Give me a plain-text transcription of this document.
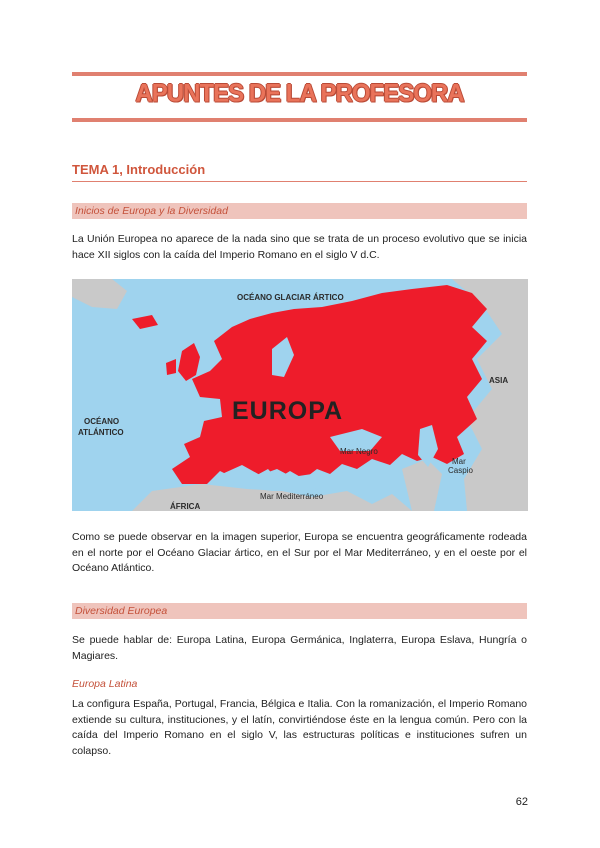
APUNTES DE LA PROFESORA
TEMA 1, Introducción
Inicios de Europa y la Diversidad
La Unión Europea no aparece de la nada sino que se trata de un proceso evolutivo que se inicia hace XII siglos con la caída del Imperio Romano en el siglo V d.C.
OCÉANO GLACIAR ÁRTICO
OCÉANO
ATLÁNTICO
ASIA
ÁFRICA
Mar Negro
Mar
Caspio
Mar Mediterráneo
EUROPA
Como se puede observar en la imagen superior, Europa se encuentra geográficamente rodeada en el norte por el Océano Glaciar ártico, en el Sur por el Mar Mediterráneo, y en el oeste por el Océano Atlántico.
Diversidad Europea
Se puede hablar de: Europa Latina, Europa Germánica, Inglaterra, Europa Eslava, Hungría o Magiares.
Europa Latina
La configura España, Portugal, Francia, Bélgica e Italia. Con la romanización, el Imperio Romano extiende su cultura, instituciones, y el latín, convirtiéndose éste en la lengua común. Pero con la caída del Imperio Romano en el siglo V, las estructuras políticas e instituciones sufren un colapso.
62
